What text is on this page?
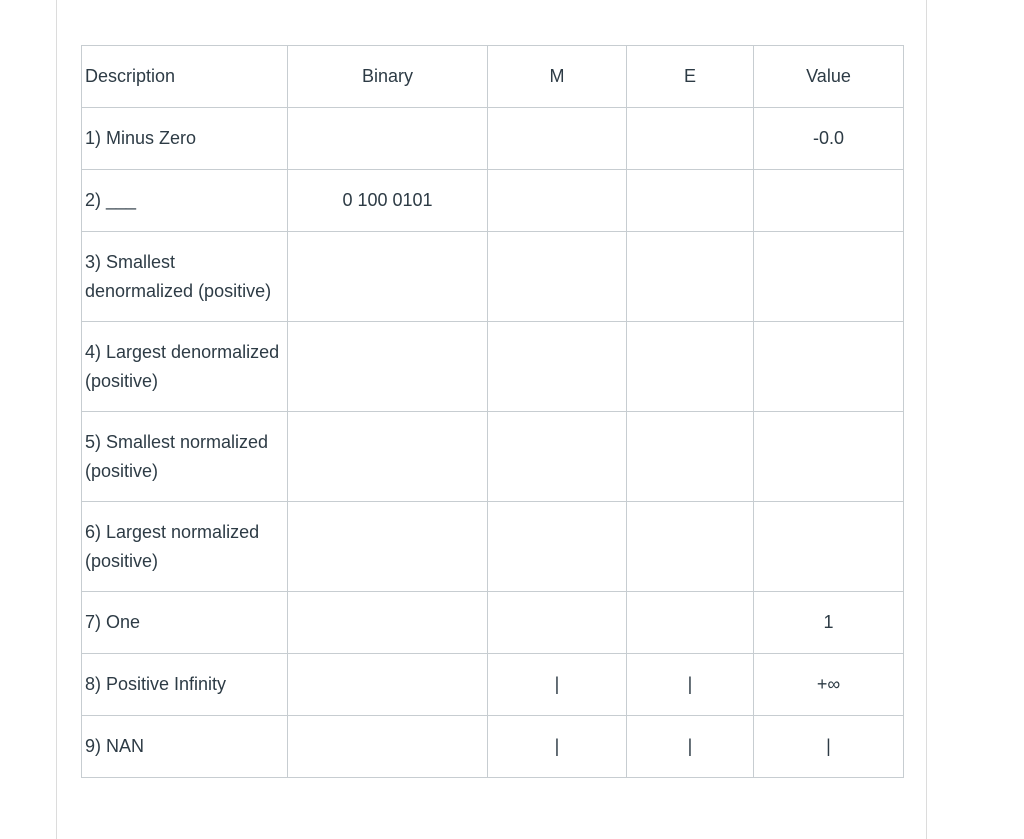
Description	Binary	M	E	Value
1) Minus Zero				-0.0
2) ___	0 100 0101			
3) Smallest denormalized (positive)				
4) Largest denormalized (positive)				
5) Smallest normalized (positive)				
6) Largest normalized (positive)				
7) One				1
8) Positive Infinity		|	|	+∞
9) NAN		|	|	|
